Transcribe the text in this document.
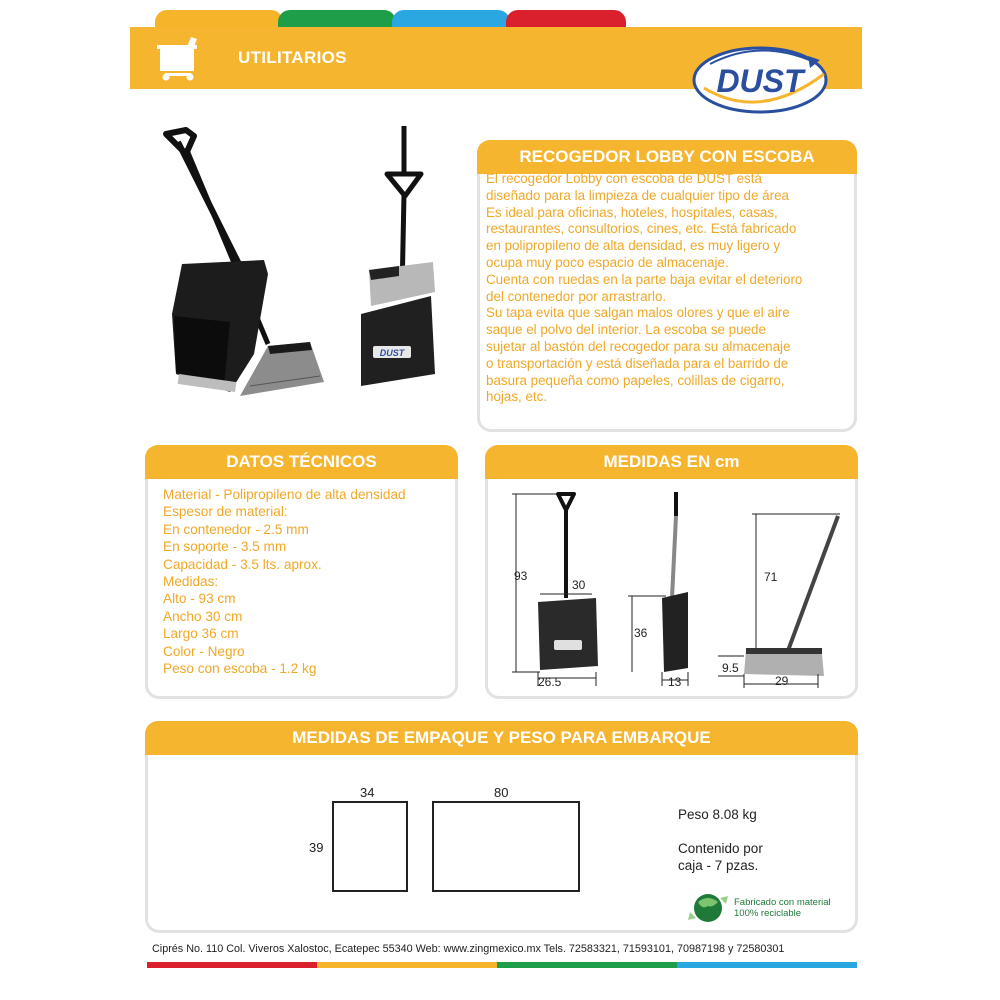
UTILITARIOS
DUST
DUST
RECOGEDOR LOBBY CON ESCOBA

El recogedor Lobby con escoba de DUST está

diseñado para la limpieza de cualquier tipo de área

Es ideal para oficinas, hoteles, hospitales, casas,

restaurantes, consultorios, cines, etc. Está fabricado

en polipropileno de alta densidad, es muy ligero y

ocupa muy poco espacio de almacenaje.

Cuenta con ruedas en la parte baja evitar el deterioro

del contenedor por arrastrarlo.

Su tapa evita que salgan malos olores y que el aire

saque el polvo del interior. La escoba se puede

sujetar al bastón del recogedor para su almacenaje

o transportación y está diseñada para el barrido de

basura pequeña como papeles, colillas de cigarro,

hojas, etc.

DATOS TÉCNICOS
Material - Polipropileno de alta densidad
Espesor de material:
En contenedor - 2.5 mm
En soporte - 3.5 mm
Capacidad - 3.5 lts. aprox.
Medidas:
Alto - 93 cm
Ancho 30 cm
Largo 36 cm
Color - Negro
Peso con escoba - 1.2 kg
MEDIDAS EN cm
93
30
26.5
36
13
71
9.5
29
MEDIDAS DE EMPAQUE Y PESO PARA EMBARQUE
34	80
39
Peso 8.08 kg
Contenido por
caja - 7 pzas.
Fabricado con material
100% reciclable
Ciprés No. 110 Col. Viveros Xalostoc, Ecatepec 55340 Web: www.zingmexico.mx Tels. 72583321, 71593101, 70987198 y 72580301
